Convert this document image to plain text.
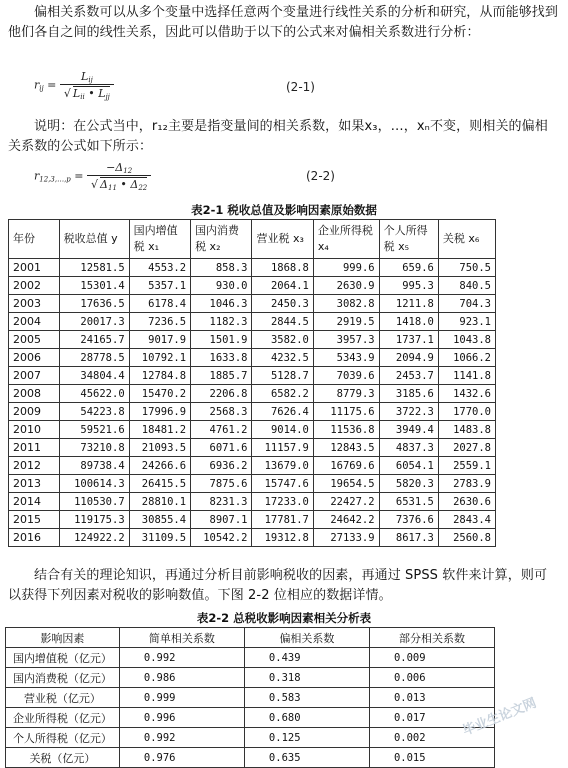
偏相关系数可以从多个变量中选择任意两个变量进行线性关系的分析和研究，从而能够找到他们各自之间的线性关系，因此可以借助于以下的公式来对偏相关系数进行分析：
$r_{ij} = \frac{L_{ij}}{√ L_{ii} • L_{jj}}$	(2-1)
说明：在公式当中，r₁₂主要是指变量间的相关系数，如果x₃，…，xₙ不变，则相关的偏相关系数的公式如下所示：
$r_{12,3,\dots,p} = \frac{-\Delta_{12}}{√ \Delta_{11} • \Delta_{22}}$	(2-2)
表2-1 税收总值及影响因素原始数据
年份	税收总值 y	国内增值税 x₁	国内消费税 x₂	营业税 x₃	企业所得税 x₄	个人所得税 x₅	关税 x₆
2001	12581.5	4553.2	858.3	1868.8	999.6	659.6	750.5
2002	15301.4	5357.1	930.0	2064.1	2630.9	995.3	840.5
2003	17636.5	6178.4	1046.3	2450.3	3082.8	1211.8	704.3
2004	20017.3	7236.5	1182.3	2844.5	2919.5	1418.0	923.1
2005	24165.7	9017.9	1501.9	3582.0	3957.3	1737.1	1043.8
2006	28778.5	10792.1	1633.8	4232.5	5343.9	2094.9	1066.2
2007	34804.4	12784.8	1885.7	5128.7	7039.6	2453.7	1141.8
2008	45622.0	15470.2	2206.8	6582.2	8779.3	3185.6	1432.6
2009	54223.8	17996.9	2568.3	7626.4	11175.6	3722.3	1770.0
2010	59521.6	18481.2	4761.2	9014.0	11536.8	3949.4	1483.8
2011	73210.8	21093.5	6071.6	11157.9	12843.5	4837.3	2027.8
2012	89738.4	24266.6	6936.2	13679.0	16769.6	6054.1	2559.1
2013	100614.3	26415.5	7875.6	15747.6	19654.5	5820.3	2783.9
2014	110530.7	28810.1	8231.3	17233.0	22427.2	6531.5	2630.6
2015	119175.3	30855.4	8907.1	17781.7	24642.2	7376.6	2843.4
2016	124922.2	31109.5	10542.2	19312.8	27133.9	8617.3	2560.8
结合有关的理论知识，再通过分析目前影响税收的因素，再通过 SPSS 软件来计算，则可以获得下列因素对税收的影响数值。下图 2-2 位相应的数据详情。
表2-2 总税收影响因素相关分析表
影响因素	简单相关系数	偏相关系数	部分相关系数
国内增值税（亿元）	0.992	0.439	0.009
国内消费税（亿元）	0.986	0.318	0.006
营业税（亿元）	0.999	0.583	0.013
企业所得税（亿元）	0.996	0.680	0.017
个人所得税（亿元）	0.992	0.125	0.002
关税（亿元）	0.976	0.635	0.015
毕业生论文网
